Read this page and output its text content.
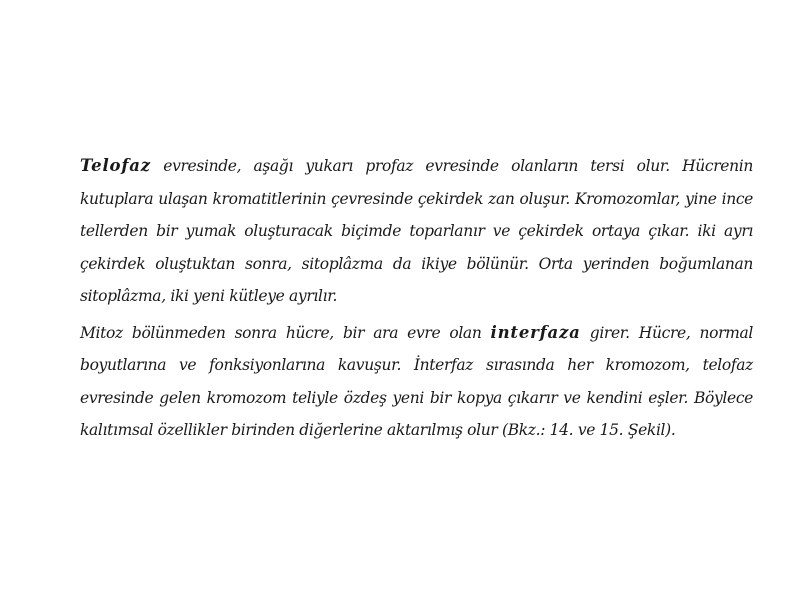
Telofaz evresinde, aşağı yukarı profaz evresinde olanların tersi olur. Hücrenin kutuplara ulaşan kromatitlerinin çevresinde çekirdek zan oluşur. Kromozomlar, yine ince tellerden bir yumak oluşturacak biçimde toparlanır ve çekirdek ortaya çıkar. iki ayrı çekirdek oluştuktan sonra, sitoplâzma da ikiye bölünür. Orta yerinden boğumlanan sitoplâzma, iki yeni kütleye ayrılır.

Mitoz bölünmeden sonra hücre, bir ara evre olan interfaza girer. Hücre, normal boyutlarına ve fonksiyonlarına kavuşur. İnterfaz sırasında her kromozom, telofaz evresinde gelen kromozom teliyle özdeş yeni bir kopya çıkarır ve kendini eşler. Böylece kalıtımsal özellikler birinden diğerlerine aktarılmış olur (Bkz.: 14. ve 15. Şekil).
